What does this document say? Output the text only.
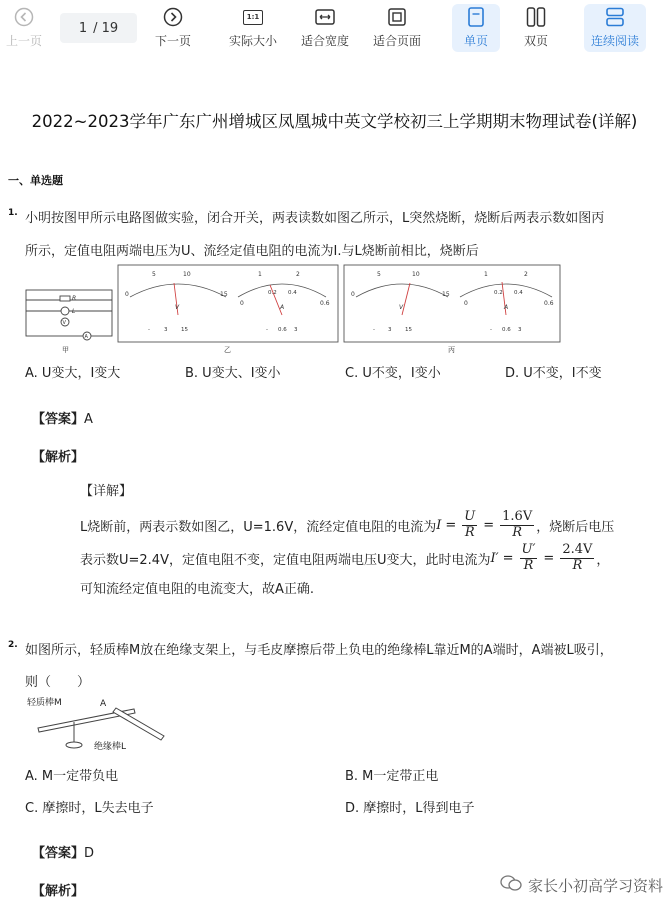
上一页
1 / 19
下一页
1:1
实际大小 适合宽度 适合页面	单页	双页	连续阅读
2022~2023学年广东广州增城区凤凰城中英文学校初三上学期期末物理试卷(详解)
一、单选题
1. 小明按图甲所示电路图做实验，闭合开关，两表读数如图乙所示，L突然烧断，烧断后两表示数如图丙
所示，定值电阻两端电压为U、流经定值电阻的电流为I.与L烧断前相比，烧断后
R
L
V
A
甲
5	10
0	15
V
-	3 15
1	2
0.2 0.4
0	0.6
A
- 0.6 3
乙
5	10
0	15
V
- 3 15
1	2
0.2 0.4
0	0.6
A
- 0.6 3
丙
A. U变大，I变大	B. U变大、I变小	C. U不变，I变小	D. U不变，I不变
【答案】A
【解析】
【详解】
L烧断前，两表示数如图乙，U=1.6V，流经定值电阻的电流为 $I = \frac{U}{R} = \frac{1.6V}{R}$ ，烧断后电压
表示数U=2.4V，定值电阻不变，定值电阻两端电压U变大，此时电流为 $I' = \frac{U'}{R} = \frac{2.4V}{R}$ ，
可知流经定值电阻的电流变大，故A正确.
2. 如图所示，轻质棒M放在绝缘支架上，与毛皮摩擦后带上负电的绝缘棒L靠近M的A端时，A端被L吸引，
则（　　）
轻质棒M	A
绝缘棒L
A. M一定带负电	B. M一定带正电
C. 摩擦时，L失去电子	D. 摩擦时，L得到电子
【答案】D
【解析】	家长小初高学习资料
